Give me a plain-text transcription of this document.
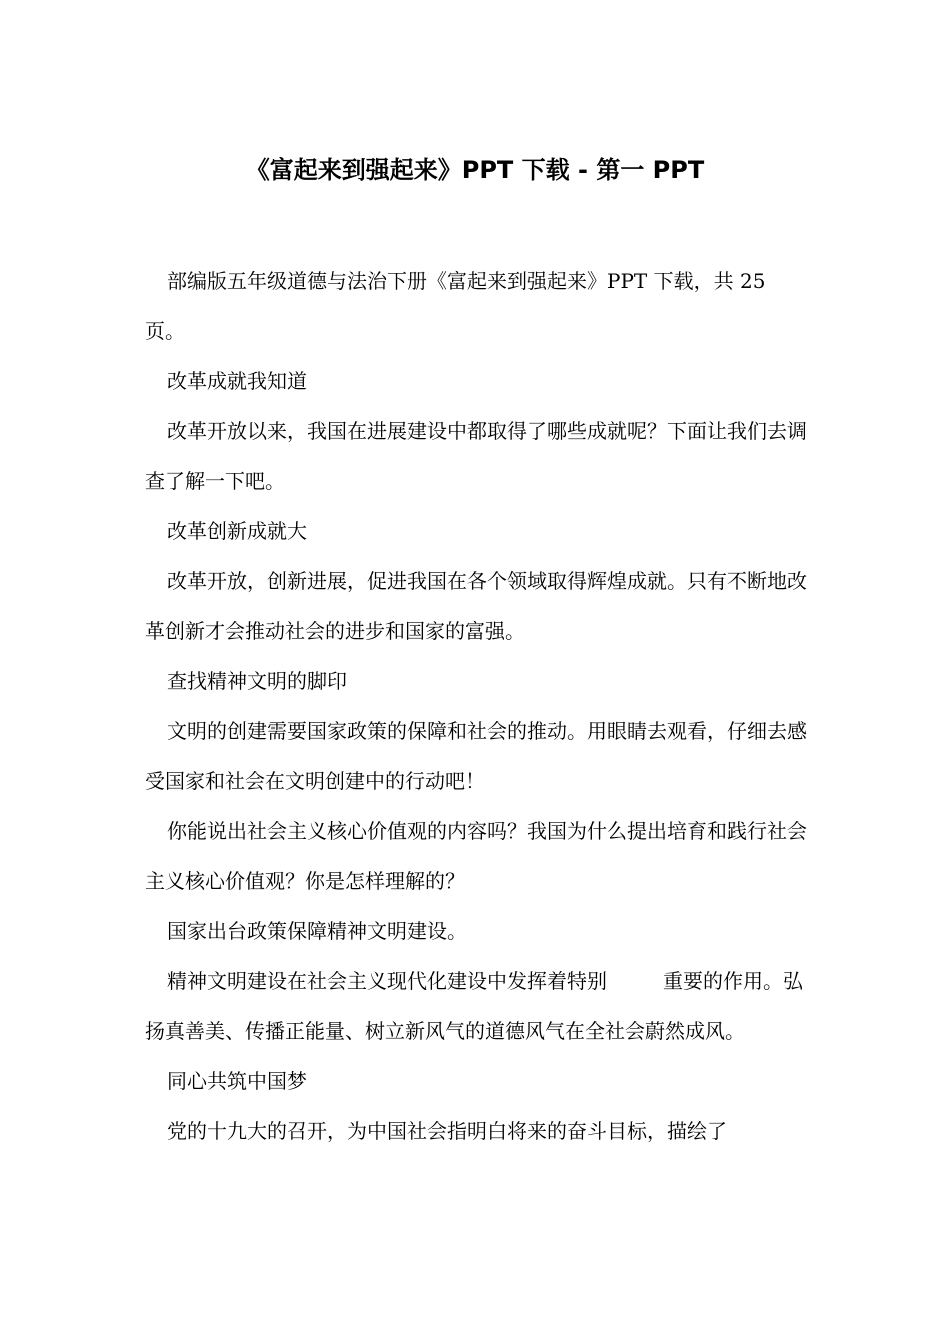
《富起来到强起来》PPT 下载 - 第一 PPT

部编版五年级道德与法治下册《富起来到强起来》PPT 下载，共 25 页。

改革成就我知道

改革开放以来，我国在进展建设中都取得了哪些成就呢？下面让我们去调查了解一下吧。

改革创新成就大

改革开放，创新进展，促进我国在各个领域取得辉煌成就。只有不断地改革创新才会推动社会的进步和国家的富强。

查找精神文明的脚印

文明的创建需要国家政策的保障和社会的推动。用眼睛去观看，仔细去感受国家和社会在文明创建中的行动吧！

你能说出社会主义核心价值观的内容吗？我国为什么提出培育和践行社会主义核心价值观？你是怎样理解的？

国家出台政策保障精神文明建设。

精神文明建设在社会主义现代化建设中发挥着特别	重要的作用。弘扬真善美、传播正能量、树立新风气的道德风气在全社会蔚然成风。

同心共筑中国梦

党的十九大的召开，为中国社会指明白将来的奋斗目标，描绘了
